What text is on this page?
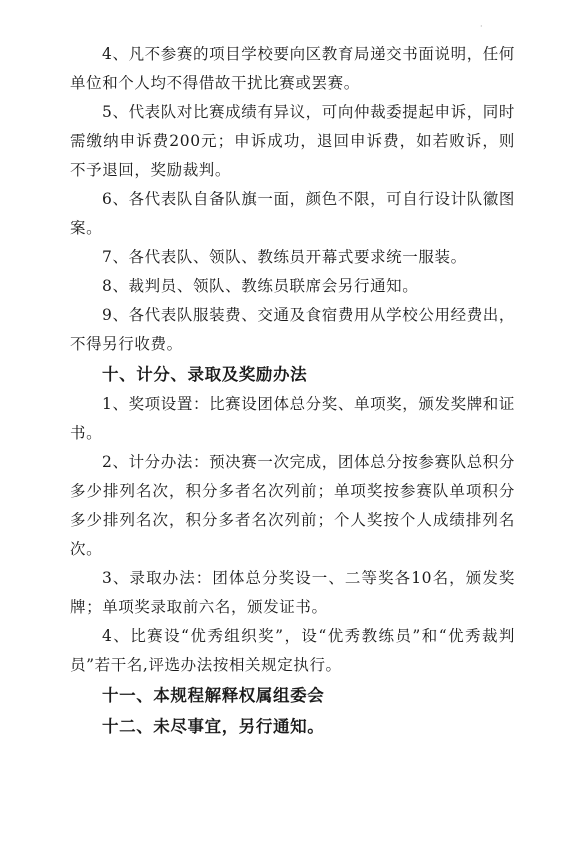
·

4、凡不参赛的项目学校要向区教育局递交书面说明，任何单位和个人均不得借故干扰比赛或罢赛。

5、代表队对比赛成绩有异议，可向仲裁委提起申诉，同时需缴纳申诉费200元；申诉成功，退回申诉费，如若败诉，则不予退回，奖励裁判。

6、各代表队自备队旗一面，颜色不限，可自行设计队徽图案。

7、各代表队、领队、教练员开幕式要求统一服装。

8、裁判员、领队、教练员联席会另行通知。

9、各代表队服装费、交通及食宿费用从学校公用经费出，不得另行收费。

十、计分、录取及奖励办法

1、奖项设置：比赛设团体总分奖、单项奖，颁发奖牌和证书。

2、计分办法：预决赛一次完成，团体总分按参赛队总积分多少排列名次，积分多者名次列前；单项奖按参赛队单项积分多少排列名次，积分多者名次列前；个人奖按个人成绩排列名次。

3、录取办法：团体总分奖设一、二等奖各10名，颁发奖牌；单项奖录取前六名，颁发证书。

4、比赛设“优秀组织奖”，设“优秀教练员”和“优秀裁判员”若干名,评选办法按相关规定执行。

十一、本规程解释权属组委会

十二、未尽事宜，另行通知。
